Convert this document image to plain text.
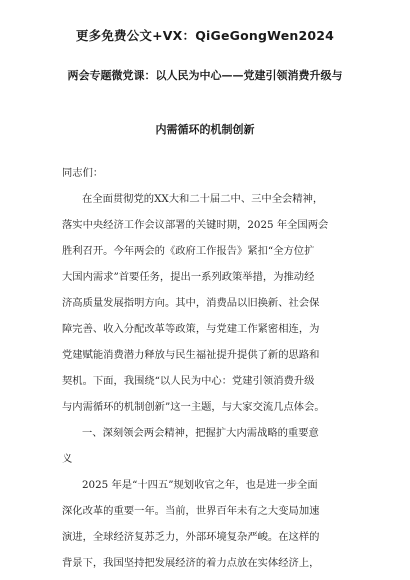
更多免费公文+VX：QiGeGongWen2024
两会专题微党课：以人民为中心——党建引领消费升级与
内需循环的机制创新
同志们：
在全面贯彻党的XX大和二十届二中、三中全会精神，
落实中央经济工作会议部署的关键时期，2025 年全国两会
胜利召开。今年两会的《政府工作报告》紧扣“全方位扩
大国内需求”首要任务，提出一系列政策举措，为推动经
济高质量发展指明方向。其中，消费品以旧换新、社会保
障完善、收入分配改革等政策，与党建工作紧密相连，为
党建赋能消费潜力释放与民生福祉提升提供了新的思路和
契机。下面，我围绕“以人民为中心：党建引领消费升级
与内需循环的机制创新”这一主题，与大家交流几点体会。
一、深刻领会两会精神，把握扩大内需战略的重要意
义
2025 年是“十四五”规划收官之年，也是进一步全面
深化改革的重要一年。当前，世界百年未有之大变局加速
演进，全球经济复苏乏力，外部环境复杂严峻。在这样的
背景下，我国坚持把发展经济的着力点放在实体经济上，
